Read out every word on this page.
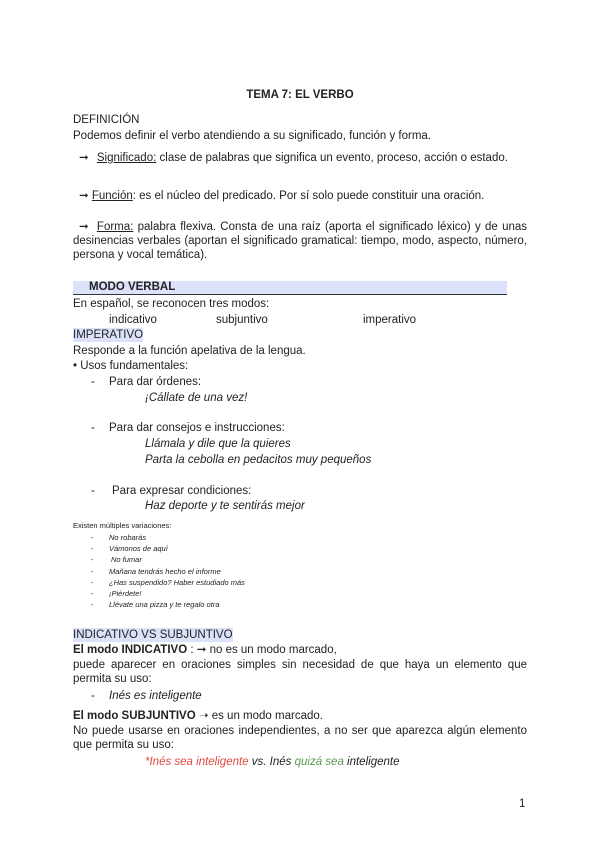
TEMA 7: EL VERBO
DEFINICIÓN
Podemos definir el verbo atendiendo a su significado, función y forma.
➞ Significado: clase de palabras que significa un evento, proceso, acción o estado.
➞ Función: es el núcleo del predicado. Por sí solo puede constituir una oración.
➞ Forma: palabra flexiva. Consta de una raíz (aporta el significado léxico) y de unas desinencias verbales (aportan el significado gramatical: tiempo, modo, aspecto, número, persona y vocal temática).
MODO VERBAL
En español, se reconocen tres modos:
indicativo	subjuntivo	imperativo
IMPERATIVO
Responde a la función apelativa de la lengua.
• Usos fundamentales:
- Para dar órdenes:
¡Cállate de una vez!
- Para dar consejos e instrucciones:
Llámala y dile que la quieres
Parta la cebolla en pedacitos muy pequeños
- Para expresar condiciones:
Haz deporte y te sentirás mejor
Existen múltiples variaciones:
-
-
-
-
-
-
-
No robarás
Vámonos de aquí
No fumar
Mañana tendrás hecho el informe
¿Has suspendido? Haber estudiado más
¡Piérdete!
Llévate una pizza y te regalo otra
INDICATIVO VS SUBJUNTIVO
El modo INDICATIVO : ➞ no es un modo marcado,
puede aparecer en oraciones simples sin necesidad de que haya un elemento que permita su uso:
- Inés es inteligente
El modo SUBJUNTIVO ➝ es un modo marcado.
No puede usarse en oraciones independientes, a no ser que aparezca algún elemento que permita su uso:
*Inés sea inteligente vs. Inés quizá sea inteligente
1
